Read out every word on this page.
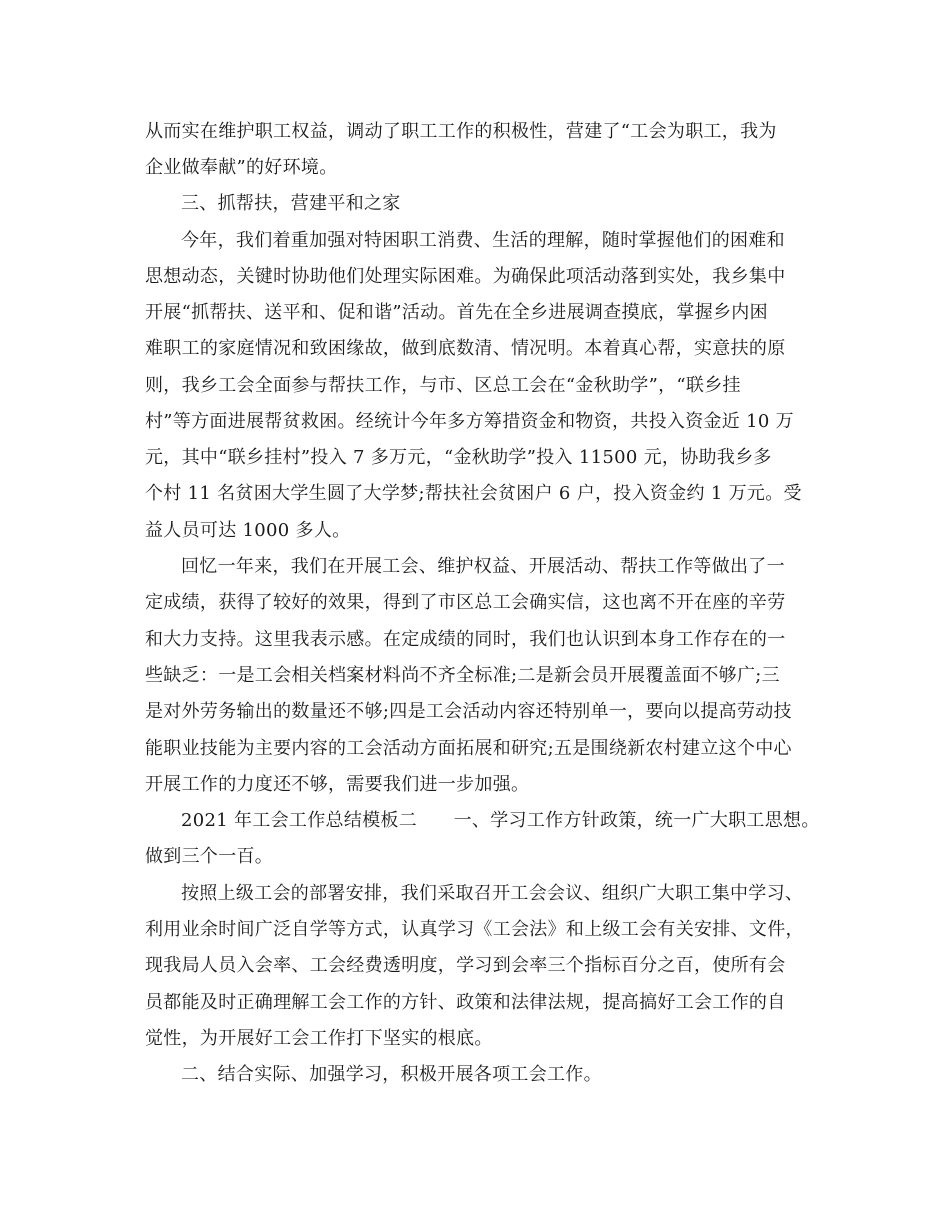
从而实在维护职工权益，调动了职工工作的积极性，营建了“工会为职工，我为

企业做奉献”的好环境。

三、抓帮扶，营建平和之家

今年，我们着重加强对特困职工消费、生活的理解，随时掌握他们的困难和

思想动态，关键时协助他们处理实际困难。为确保此项活动落到实处，我乡集中

开展“抓帮扶、送平和、促和谐”活动。首先在全乡进展调查摸底，掌握乡内困

难职工的家庭情况和致困缘故，做到底数清、情况明。本着真心帮，实意扶的原

则，我乡工会全面参与帮扶工作，与市、区总工会在“金秋助学”，“联乡挂

村”等方面进展帮贫救困。经统计今年多方筹措资金和物资，共投入资金近 10 万

元，其中“联乡挂村”投入 7 多万元，“金秋助学”投入 11500 元，协助我乡多

个村 11 名贫困大学生圆了大学梦;帮扶社会贫困户 6 户，投入资金约 1 万元。受

益人员可达 1000 多人。

回忆一年来，我们在开展工会、维护权益、开展活动、帮扶工作等做出了一

定成绩，获得了较好的效果，得到了市区总工会确实信，这也离不开在座的辛劳

和大力支持。这里我表示感。在定成绩的同时，我们也认识到本身工作存在的一

些缺乏：一是工会相关档案材料尚不齐全标准;二是新会员开展覆盖面不够广;三

是对外劳务输出的数量还不够;四是工会活动内容还特别单一，要向以提高劳动技

能职业技能为主要内容的工会活动方面拓展和研究;五是围绕新农村建立这个中心

开展工作的力度还不够，需要我们进一步加强。

2021 年工会工作总结模板二　　一、学习工作方针政策，统一广大职工思想。

做到三个一百。

按照上级工会的部署安排，我们采取召开工会会议、组织广大职工集中学习、

利用业余时间广泛自学等方式，认真学习《工会法》和上级工会有关安排、文件，

现我局人员入会率、工会经费透明度，学习到会率三个指标百分之百，使所有会

员都能及时正确理解工会工作的方针、政策和法律法规，提高搞好工会工作的自

觉性，为开展好工会工作打下坚实的根底。

二、结合实际、加强学习，积极开展各项工会工作。
